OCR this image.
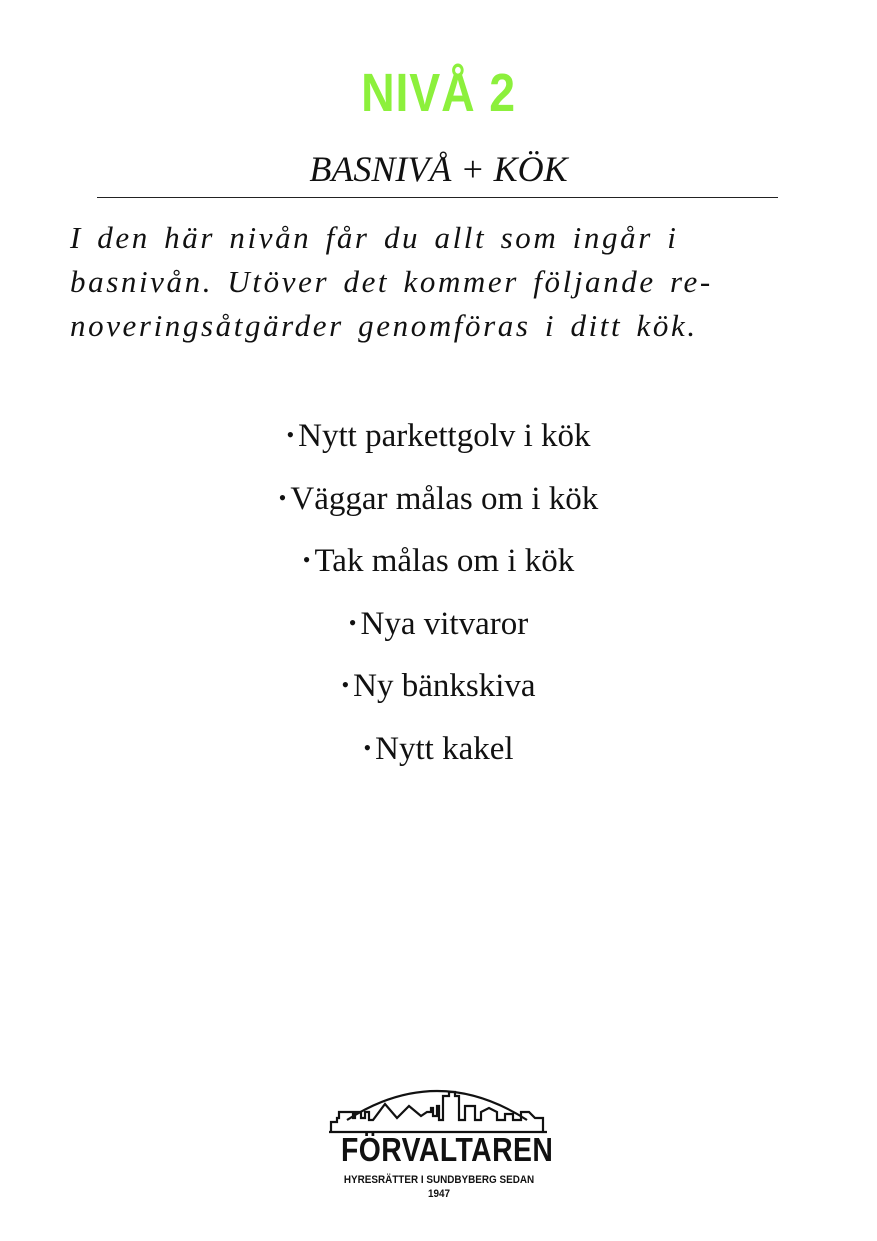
NIVÅ 2
BASNIVÅ + KÖK

I den här nivån får du allt som ingår i basnivån. Utöver det kommer följande re- noveringsåtgärder genomföras i ditt kök.

• Nytt parkettgolv i kök
• Väggar målas om i kök
• Tak målas om i kök
• Nya vitvaror
• Ny bänkskiva
• Nytt kakel
FÖRVALTAREN
HYRESRÄTTER I SUNDBYBERG SEDAN 1947
